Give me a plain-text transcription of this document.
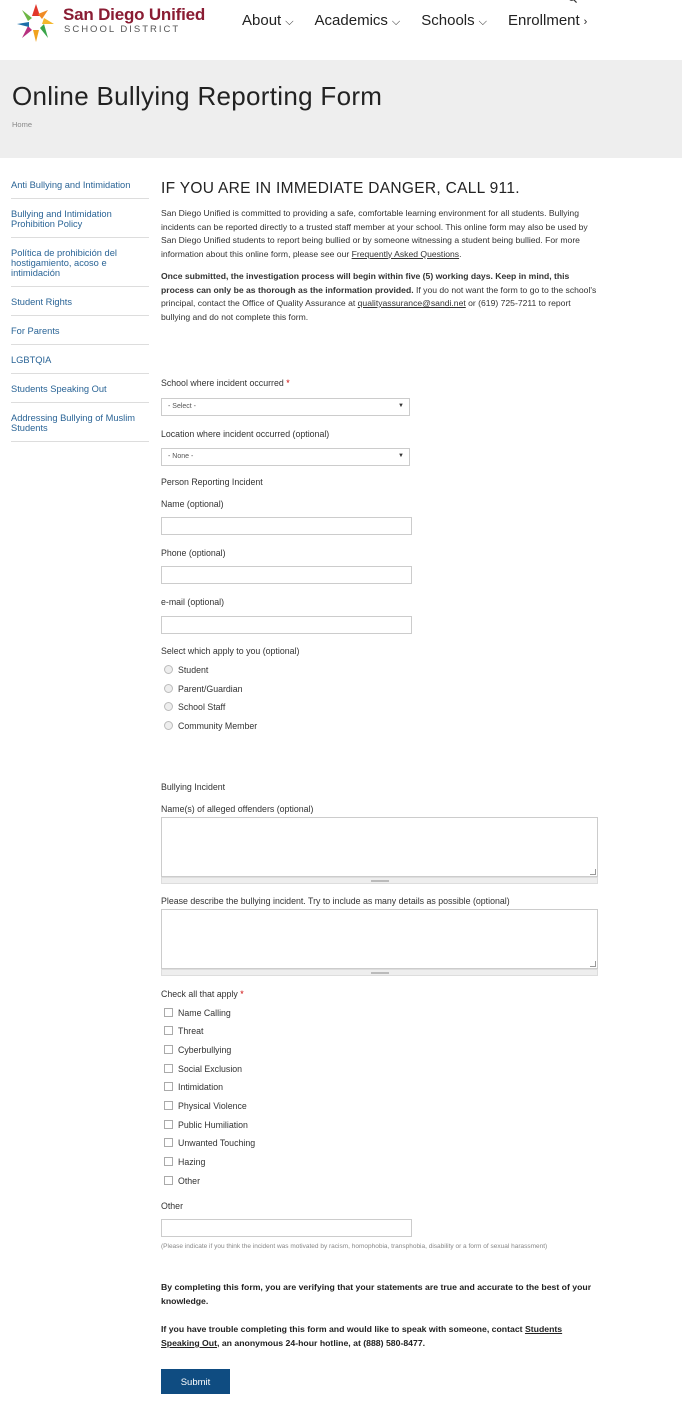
San Diego Unified
SCHOOL DISTRICT
About ⌵ Academics ⌵ Schools ⌵ Enrollment ›
Online Bullying Reporting Form
Home
Anti Bullying and Intimidation
Bullying and Intimidation Prohibition Policy
Política de prohibición del hostigamiento, acoso e intimidación
Student Rights
For Parents
LGBTQIA
Students Speaking Out
Addressing Bullying of Muslim Students
IF YOU ARE IN IMMEDIATE DANGER, CALL 911.

San Diego Unified is committed to providing a safe, comfortable learning environment for all students. Bullying incidents can be reported directly to a trusted staff member at your school. This online form may also be used by San Diego Unified students to report being bullied or by someone witnessing a student being bullied. For more information about this online form, please see our Frequently Asked Questions.

Once submitted, the investigation process will begin within five (5) working days. Keep in mind, this process can only be as thorough as the information provided. If you do not want the form to go to the school's principal, contact the Office of Quality Assurance at qualityassurance@sandi.net or (619) 725-7211 to report bullying and do not complete this form.

School where incident occurred *
- Select -	▼
Location where incident occurred (optional)
- None -	▼
Person Reporting Incident
Name (optional)
Phone (optional)
e-mail (optional)
Select which apply to you (optional)
Student
Parent/Guardian
School Staff
Community Member
Bullying Incident
Name(s) of alleged offenders (optional)
Please describe the bullying incident. Try to include as many details as possible (optional)
Check all that apply *
Name Calling
Threat
Cyberbullying
Social Exclusion
Intimidation
Physical Violence
Public Humiliation
Unwanted Touching
Hazing
Other
Other
(Please indicate if you think the incident was motivated by racism, homophobia, transphobia, disability or a form of sexual harassment)
By completing this form, you are verifying that your statements are true and accurate to the best of your knowledge.
If you have trouble completing this form and would like to speak with someone, contact Students Speaking Out, an anonymous 24-hour hotline, at (888) 580-8477.
Submit
